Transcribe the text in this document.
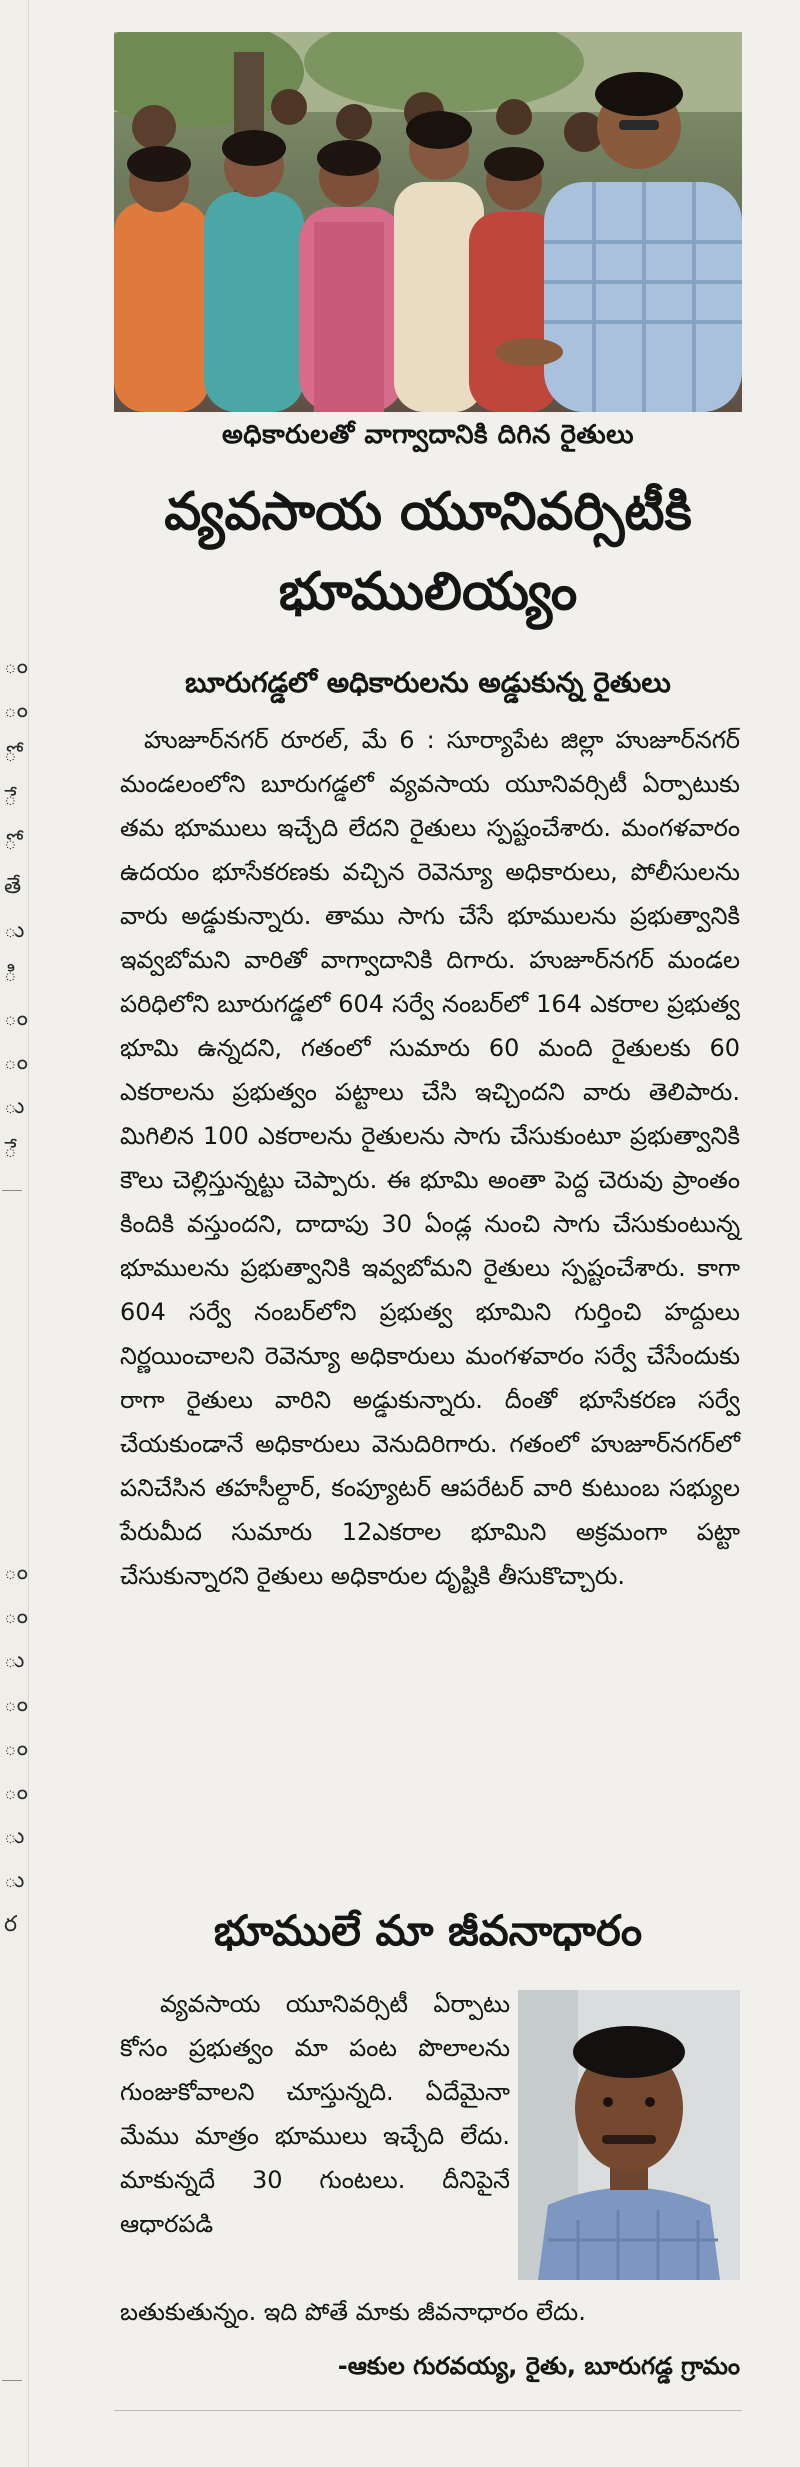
ం
ం
ో
ే
ో
తే
ు
ి
ం
ం
ు
ే
ం
ం
ు
ం
ం
ం
ు
ు
ర
అధికారులతో వాగ్వాదానికి దిగిన రైతులు
వ్యవసాయ యూనివర్సిటీకి
భూములియ్యం
బూరుగడ్డలో అధికారులను అడ్డుకున్న రైతులు
హుజూర్‌నగర్ రూరల్, మే 6 : సూర్యాపేట జిల్లా హుజూర్‌నగర్ మండలంలోని బూరుగడ్డలో వ్యవసాయ యూనివర్సిటీ ఏర్పాటుకు తమ భూములు ఇచ్చేది లేదని రైతులు స్పష్టంచేశారు. మంగళవారం ఉదయం భూసేకరణకు వచ్చిన రెవెన్యూ అధికారులు, పోలీసులను వారు అడ్డుకున్నారు. తాము సాగు చేసే భూములను ప్రభుత్వానికి ఇవ్వబోమని వారితో వాగ్వాదానికి దిగారు. హుజూర్‌నగర్ మండల పరిధిలోని బూరుగడ్డలో 604 సర్వే నంబర్‌లో 164 ఎకరాల ప్రభుత్వ భూమి ఉన్నదని, గతంలో సుమారు 60 మంది రైతులకు 60 ఎకరాలను ప్రభుత్వం పట్టాలు చేసి ఇచ్చిందని వారు తెలిపారు. మిగిలిన 100 ఎకరాలను రైతులను సాగు చేసుకుంటూ ప్రభుత్వానికి కౌలు చెల్లిస్తున్నట్టు చెప్పారు. ఈ భూమి అంతా పెద్ద చెరువు ప్రాంతం కిందికి వస్తుందని, దాదాపు 30 ఏండ్ల నుంచి సాగు చేసుకుంటున్న భూములను ప్రభుత్వానికి ఇవ్వబోమని రైతులు స్పష్టంచేశారు. కాగా 604 సర్వే నంబర్‌లోని ప్రభుత్వ భూమిని గుర్తించి హద్దులు నిర్ణయించాలని రెవెన్యూ అధికారులు మంగళవారం సర్వే చేసేందుకు రాగా రైతులు వారిని అడ్డుకున్నారు. దీంతో భూసేకరణ సర్వే చేయకుండానే అధికారులు వెనుదిరిగారు. గతంలో హుజూర్‌నగర్‌లో పనిచేసిన తహసీల్దార్, కంప్యూటర్ ఆపరేటర్ వారి కుటుంబ సభ్యుల పేరుమీద సుమారు 12ఎకరాల భూమిని అక్రమంగా పట్టా చేసుకున్నారని రైతులు అధికారుల దృష్టికి తీసుకొచ్చారు.
భూములే మా జీవనాధారం
వ్యవసాయ యూనివర్సిటీ ఏర్పాటు కోసం ప్రభుత్వం మా పంట పొలాలను గుంజుకోవాలని చూస్తున్నది. ఏదేమైనా మేము మాత్రం భూములు ఇచ్చేది లేదు. మాకున్నదే 30 గుంటలు. దీనిపైనే ఆధారపడి
బతుకుతున్నం. ఇది పోతే మాకు జీవనాధారం లేదు.
-ఆకుల గురవయ్య, రైతు, బూరుగడ్డ గ్రామం
